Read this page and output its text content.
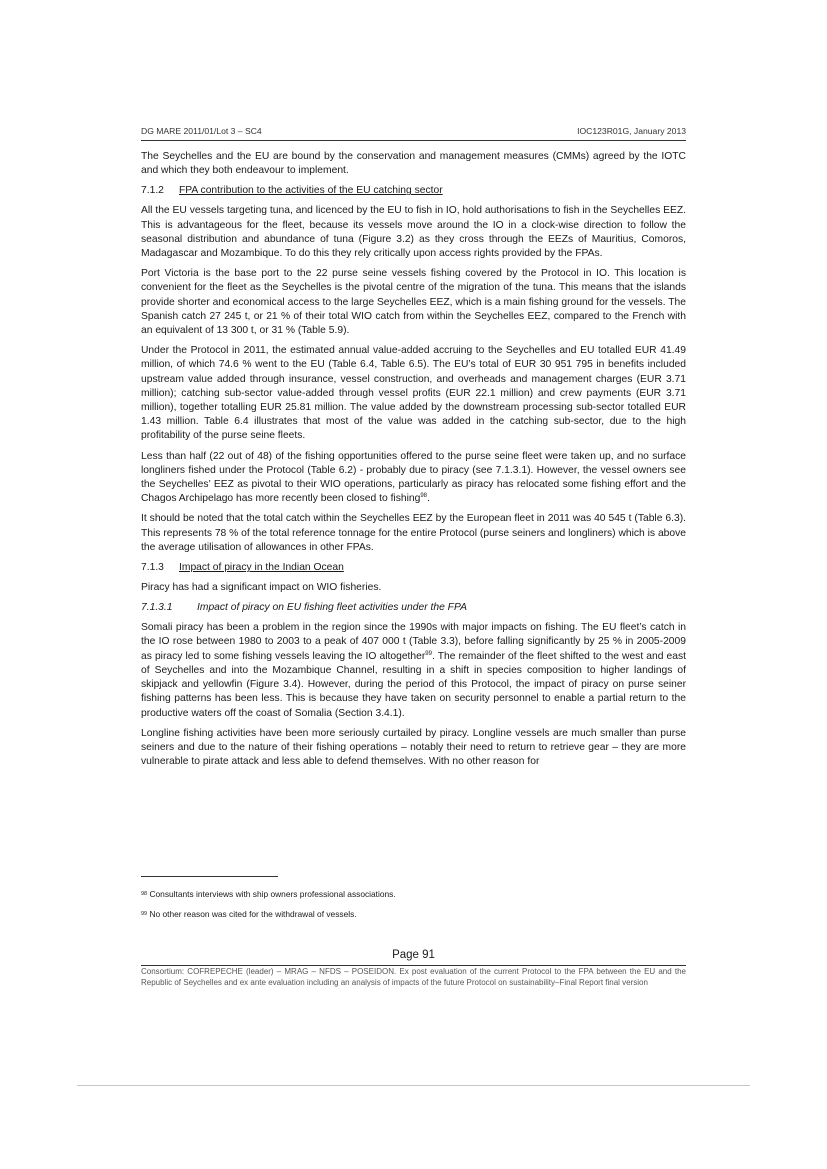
DG MARE 2011/01/Lot 3 – SC4	IOC123R01G, January 2013

The Seychelles and the EU are bound by the conservation and management measures (CMMs) agreed by the IOTC and which they both endeavour to implement.

7.1.2 FPA contribution to the activities of the EU catching sector

All the EU vessels targeting tuna, and licenced by the EU to fish in IO, hold authorisations to fish in the Seychelles EEZ. This is advantageous for the fleet, because its vessels move around the IO in a clock-wise direction to follow the seasonal distribution and abundance of tuna (Figure 3.2) as they cross through the EEZs of Mauritius, Comoros, Madagascar and Mozambique. To do this they rely critically upon access rights provided by the FPAs.

Port Victoria is the base port to the 22 purse seine vessels fishing covered by the Protocol in IO. This location is convenient for the fleet as the Seychelles is the pivotal centre of the migration of the tuna. This means that the islands provide shorter and economical access to the large Seychelles EEZ, which is a main fishing ground for the vessels. The Spanish catch 27 245 t, or 21 % of their total WIO catch from within the Seychelles EEZ, compared to the French with an equivalent of 13 300 t, or 31 % (Table 5.9).

Under the Protocol in 2011, the estimated annual value-added accruing to the Seychelles and EU totalled EUR 41.49 million, of which 74.6 % went to the EU (Table 6.4, Table 6.5). The EU’s total of EUR 30 951 795 in benefits included upstream value added through insurance, vessel construction, and overheads and management charges (EUR 3.71 million); catching sub-sector value-added through vessel profits (EUR 22.1 million) and crew payments (EUR 3.71 million), together totalling EUR 25.81 million. The value added by the downstream processing sub-sector totalled EUR 1.43 million. Table 6.4 illustrates that most of the value was added in the catching sub-sector, due to the high profitability of the purse seine fleets.

Less than half (22 out of 48) of the fishing opportunities offered to the purse seine fleet were taken up, and no surface longliners fished under the Protocol (Table 6.2) - probably due to piracy (see 7.1.3.1). However, the vessel owners see the Seychelles’ EEZ as pivotal to their WIO operations, particularly as piracy has relocated some fishing effort and the Chagos Archipelago has more recently been closed to fishing$^{98}$.

It should be noted that the total catch within the Seychelles EEZ by the European fleet in 2011 was 40 545 t (Table 6.3). This represents 78 % of the total reference tonnage for the entire Protocol (purse seiners and longliners) which is above the average utilisation of allowances in other FPAs.

7.1.3 Impact of piracy in the Indian Ocean

Piracy has had a significant impact on WIO fisheries.

7.1.3.1 Impact of piracy on EU fishing fleet activities under the FPA

Somali piracy has been a problem in the region since the 1990s with major impacts on fishing. The EU fleet’s catch in the IO rose between 1980 to 2003 to a peak of 407 000 t (Table 3.3), before falling significantly by 25 % in 2005-2009 as piracy led to some fishing vessels leaving the IO altogether$^{99}$. The remainder of the fleet shifted to the west and east of Seychelles and into the Mozambique Channel, resulting in a shift in species composition to higher landings of skipjack and yellowfin (Figure 3.4). However, during the period of this Protocol, the impact of piracy on purse seiner fishing patterns has been less. This is because they have taken on security personnel to enable a partial return to the productive waters off the coast of Somalia (Section 3.4.1).

Longline fishing activities have been more seriously curtailed by piracy. Longline vessels are much smaller than purse seiners and due to the nature of their fishing operations – notably their need to return to retrieve gear – they are more vulnerable to pirate attack and less able to defend themselves. With no other reason for

$^{98}$ Consultants interviews with ship owners professional associations.
$^{99}$ No other reason was cited for the withdrawal of vessels.
Page 91
Consortium: COFREPECHE (leader) – MRAG – NFDS – POSEIDON. Ex post evaluation of the current Protocol to the FPA between the EU and the Republic of Seychelles and ex ante evaluation including an analysis of impacts of the future Protocol on sustainability–Final Report final version
